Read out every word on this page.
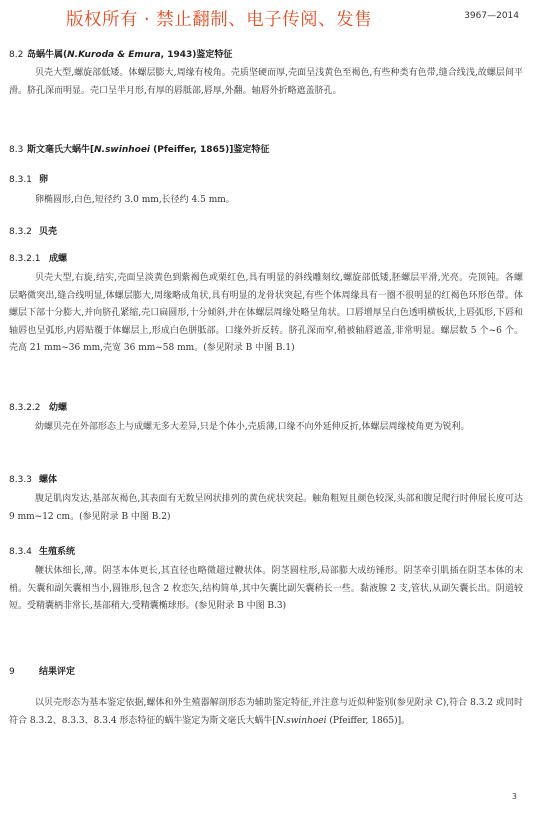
版权所有 · 禁止翻制、电子传阅、发售	3967—2014
8.2 岛蜗牛属(N.Kuroda & Emura, 1943)鉴定特征
贝壳大型,螺旋部低矮。体螺层膨大,周缘有棱角。壳质坚硬而厚,壳面呈浅黄色至褐色,有些种类有色带,缝合线浅,故螺层间平滑。脐孔深而明显。壳口呈半月形,有厚的唇胝部,唇厚,外翻。轴唇外折略遮盖脐孔。
8.3 斯文毫氏大蜗牛[N.swinhoei (Pfeiffer, 1865)]鉴定特征
8.3.1 卵
卵椭圆形,白色,短径约 3.0 mm,长径约 4.5 mm。
8.3.2 贝壳
8.3.2.1 成螺
贝壳大型,右旋,结实,壳面呈淡黄色到紫褐色或栗红色,具有明显的斜线雕刻纹,螺旋部低矮,胚螺层平滑,光亮。壳顶钝。各螺层略微突出,缝合线明显,体螺层膨大,周缘略成角状,具有明显的龙骨状突起,有些个体周缘具有一圈不很明显的红褐色环形色带。体螺层下部十分膨大,并向脐孔紧缩,壳口扁圆形,十分倾斜,并在体螺层周缘处略呈角状。口唇增厚呈白色透明横板状,上唇弧形,下唇和轴唇也呈弧形,内唇贴覆于体螺层上,形成白色胼胝部。口缘外折反转。脐孔深而窄,稍被轴唇遮盖,非常明显。螺层数 5 个~6 个。壳高 21 mm~36 mm,壳宽 36 mm~58 mm。(参见附录 B 中图 B.1)
8.3.2.2 幼螺
幼螺贝壳在外部形态上与成螺无多大差异,只是个体小,壳质薄,口缘不向外延伸反折,体螺层周缘棱角更为锐利。
8.3.3 螺体
腹足肌肉发达,基部灰褐色,其表面有无数呈网状排列的黄色疣状突起。触角粗短且颜色较深,头部和腹足爬行时伸展长度可达 9 mm~12 cm。(参见附录 B 中图 B.2)
8.3.4 生殖系统
鞭状体细长,薄。阴茎本体更长,其直径也略微超过鞭状体。阴茎圆柱形,局部膨大成纺锤形。阴茎牵引肌插在阴茎本体的末梢。矢囊和副矢囊相当小,圆锥形,包含 2 枚恋矢,结构简单,其中矢囊比副矢囊稍长一些。黏液腺 2 支,管状,从副矢囊长出。阴道较短。受精囊柄非常长,基部稍大,受精囊椭球形。(参见附录 B 中图 B.3)
9	结果评定
以贝壳形态为基本鉴定依据,螺体和外生殖器解剖形态为辅助鉴定特征,并注意与近似种鉴别(参见附录 C),符合 8.3.2 或同时符合 8.3.2、8.3.3、8.3.4 形态特征的蜗牛鉴定为斯文毫氏大蜗牛[N.swinhoei (Pfeiffer, 1865)]。
3
